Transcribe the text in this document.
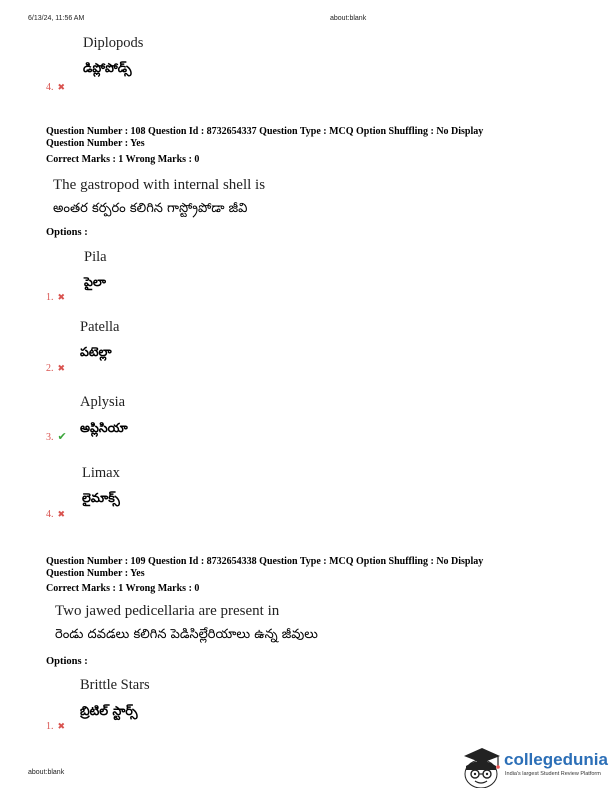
6/13/24, 11:56 AM	about:blank
Diplopods
డిప్లోపోడ్స్
4. ✖
Question Number : 108 Question Id : 8732654337 Question Type : MCQ Option Shuffling : No Display
Question Number : Yes
Correct Marks : 1 Wrong Marks : 0
The gastropod with internal shell is
అంతర కర్పరం కలిగిన గాస్ట్రోపోడా జీవి
Options :
Pila
పైలా
1. ✖
Patella
పటెల్లా
2. ✖
Aplysia
అప్లిసియా
3. ✔
Limax
లైమాక్స్
4. ✖
Question Number : 109 Question Id : 8732654338 Question Type : MCQ Option Shuffling : No Display
Question Number : Yes
Correct Marks : 1 Wrong Marks : 0
Two jawed pedicellaria are present in
రెండు దవడలు కలిగిన పెడిసిల్లేరియాలు ఉన్న జీవులు
Options :
Brittle Stars
బ్రిటిల్ స్టార్స్
1. ✖
about:blank
collegedunia
India's largest Student Review Platform
